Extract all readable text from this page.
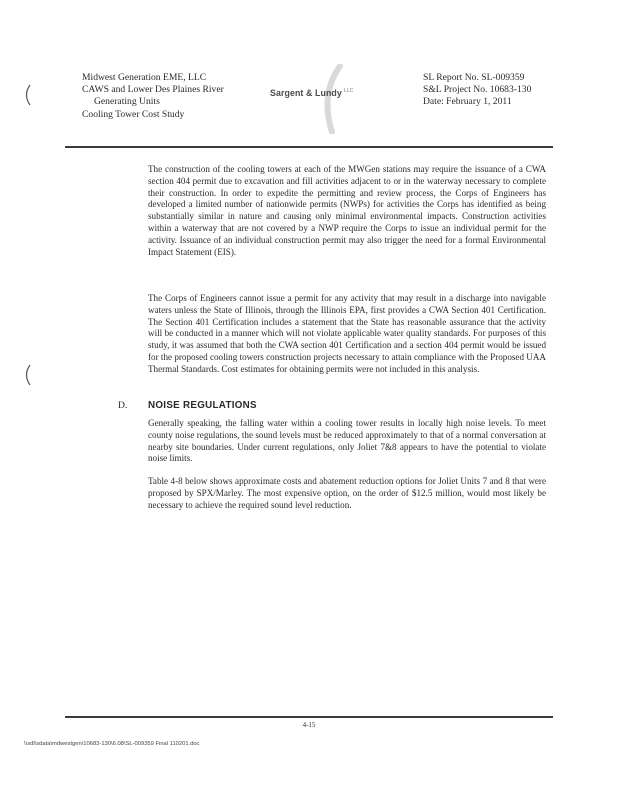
Midwest Generation EME, LLC
CAWS and Lower Des Plaines River
Generating Units
Cooling Tower Cost Study
Sargent & Lundy $^{LLC}$
SL Report No. SL-009359
S&L Project No. 10683-130
Date: February 1, 2011
The construction of the cooling towers at each of the MWGen stations may require the issuance of a CWA section 404 permit due to excavation and fill activities adjacent to or in the waterway necessary to complete their construction. In order to expedite the permitting and review process, the Corps of Engineers has developed a limited number of nationwide permits (NWPs) for activities the Corps has identified as being substantially similar in nature and causing only minimal environmental impacts. Construction activities within a waterway that are not covered by a NWP require the Corps to issue an individual permit for the activity. Issuance of an individual construction permit may also trigger the need for a formal Environmental Impact Statement (EIS).
The Corps of Engineers cannot issue a permit for any activity that may result in a discharge into navigable waters unless the State of Illinois, through the Illinois EPA, first provides a CWA Section 401 Certification. The Section 401 Certification includes a statement that the State has reasonable assurance that the activity will be conducted in a manner which will not violate applicable water quality standards. For purposes of this study, it was assumed that both the CWA section 401 Certification and a section 404 permit would be issued for the proposed cooling towers construction projects necessary to attain compliance with the Proposed UAA Thermal Standards. Cost estimates for obtaining permits were not included in this analysis.
D. NOISE REGULATIONS
Generally speaking, the falling water within a cooling tower results in locally high noise levels. To meet county noise regulations, the sound levels must be reduced approximately to that of a normal conversation at nearby site boundaries. Under current regulations, only Joliet 7&8 appears to have the potential to violate noise limits.
Table 4-8 below shows approximate costs and abatement reduction options for Joliet Units 7 and 8 that were proposed by SPX/Marley. The most expensive option, on the order of $12.5 million, would most likely be necessary to achieve the required sound level reduction.
4-15
\\sdl\sdata\mdwestgen\10683-130\6.08\SL-009359 Final 110201.doc
